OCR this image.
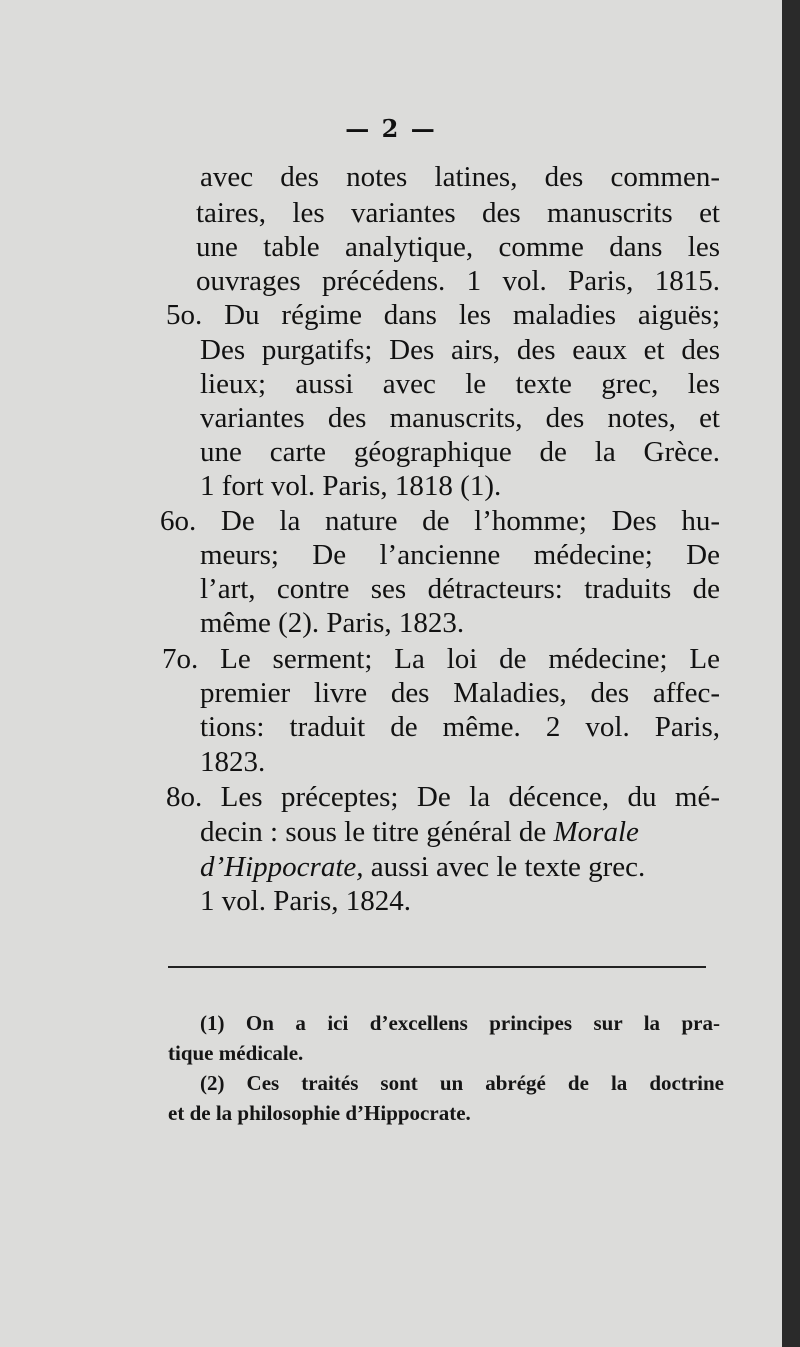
— 2 —
avec des notes latines, des commen-
taires, les variantes des manuscrits et
une table analytique, comme dans les
ouvrages précédens. 1 vol. Paris, 1815.
5o. Du régime dans les maladies aiguës;
Des purgatifs; Des airs, des eaux et des
lieux; aussi avec le texte grec, les
variantes des manuscrits, des notes, et
une carte géographique de la Grèce.
1 fort vol. Paris, 1818 (1).
6o. De la nature de l’homme; Des hu-
meurs; De l’ancienne médecine; De
l’art, contre ses détracteurs: traduits de
même (2). Paris, 1823.
7o. Le serment; La loi de médecine; Le
premier livre des Maladies, des affec-
tions: traduit de même. 2 vol. Paris,
1823.
8o. Les préceptes; De la décence, du mé-
decin : sous le titre général de Morale
d’Hippocrate, aussi avec le texte grec.
1 vol. Paris, 1824.
(1) On a ici d’excellens principes sur la pra-
tique médicale.
(2) Ces traités sont un abrégé de la doctrine
et de la philosophie d’Hippocrate.
